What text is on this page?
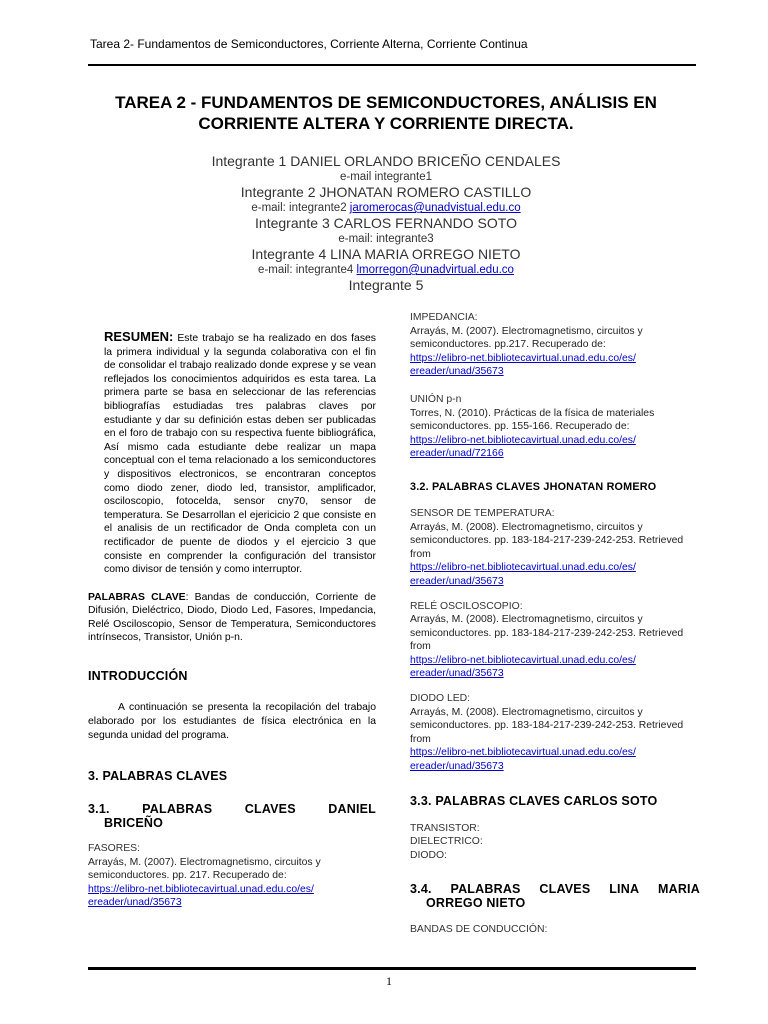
Tarea 2- Fundamentos de Semiconductores, Corriente Alterna, Corriente Continua
TAREA 2 - FUNDAMENTOS DE SEMICONDUCTORES, ANÁLISIS EN
CORRIENTE ALTERA Y CORRIENTE DIRECTA.
Integrante 1 DANIEL ORLANDO BRICEÑO CENDALES
e-mail integrante1
Integrante 2 JHONATAN ROMERO CASTILLO
e-mail: integrante2 jaromerocas@unadvistual.edu.co
Integrante 3 CARLOS FERNANDO SOTO
e-mail: integrante3
Integrante 4 LINA MARIA ORREGO NIETO
e-mail: integrante4 lmorregon@unadvirtual.edu.co
Integrante 5

RESUMEN: Este trabajo se ha realizado en dos fases la primera individual y la segunda colaborativa con el fin de consolidar el trabajo realizado donde exprese y se vean reflejados los conocimientos adquiridos es esta tarea. La primera parte se basa en seleccionar de las referencias bibliografías estudiadas tres palabras claves por estudiante y dar su definición estas deben ser publicadas en el foro de trabajo con su respectiva fuente bibliográfica, Así mismo cada estudiante debe realizar un mapa conceptual con el tema relacionado a los semiconductores y dispositivos electronicos, se encontraran conceptos como diodo zener, diodo led, transistor, amplificador, osciloscopio, fotocelda, sensor cny70, sensor de temperatura. Se Desarrollan el ejericicio 2 que consiste en el analisis de un rectificador de Onda completa con un rectificador de puente de diodos y el ejercicio 3 que consiste en comprender la configuración del transistor como divisor de tensión y como interruptor.

PALABRAS CLAVE: Bandas de conducción, Corriente de Difusión, Dieléctrico, Diodo, Diodo Led, Fasores, Impedancia, Relé Osciloscopio, Sensor de Temperatura, Semiconductores intrínsecos, Transistor, Unión p-n.

INTRODUCCIÓN

A continuación se presenta la recopilación del trabajo elaborado por los estudiantes de física electrónica en la segunda unidad del programa.

3. PALABRAS CLAVES
3.1.	PALABRAS	CLAVES	DANIEL
BRICEÑO
FASORES:
Arrayás, M. (2007). Electromagnetismo, circuitos y semiconductores. pp. 217. Recuperado de:
https://elibro-net.bibliotecavirtual.unad.edu.co/es/
ereader/unad/35673
IMPEDANCIA:
Arrayás, M. (2007). Electromagnetismo, circuitos y semiconductores. pp.217. Recuperado de:
https://elibro-net.bibliotecavirtual.unad.edu.co/es/
ereader/unad/35673
UNIÓN p-n
Torres, N. (2010). Prácticas de la física de materiales semiconductores. pp. 155-166. Recuperado de:
https://elibro-net.bibliotecavirtual.unad.edu.co/es/
ereader/unad/72166
3.2. PALABRAS CLAVES JHONATAN ROMERO
SENSOR DE TEMPERATURA:
Arrayás, M. (2008). Electromagnetismo, circuitos y semiconductores. pp. 183-184-217-239-242-253. Retrieved from
https://elibro-net.bibliotecavirtual.unad.edu.co/es/
ereader/unad/35673
RELÉ OSCILOSCOPIO:
Arrayás, M. (2008). Electromagnetismo, circuitos y semiconductores. pp. 183-184-217-239-242-253. Retrieved from
https://elibro-net.bibliotecavirtual.unad.edu.co/es/
ereader/unad/35673
DIODO LED:
Arrayás, M. (2008). Electromagnetismo, circuitos y semiconductores. pp. 183-184-217-239-242-253. Retrieved from
https://elibro-net.bibliotecavirtual.unad.edu.co/es/
ereader/unad/35673
3.3. PALABRAS CLAVES CARLOS SOTO
TRANSISTOR:
DIELECTRICO:
DIODO:
3.4. PALABRAS CLAVES LINA MARIA
ORREGO NIETO
BANDAS DE CONDUCCIÓN:
1
